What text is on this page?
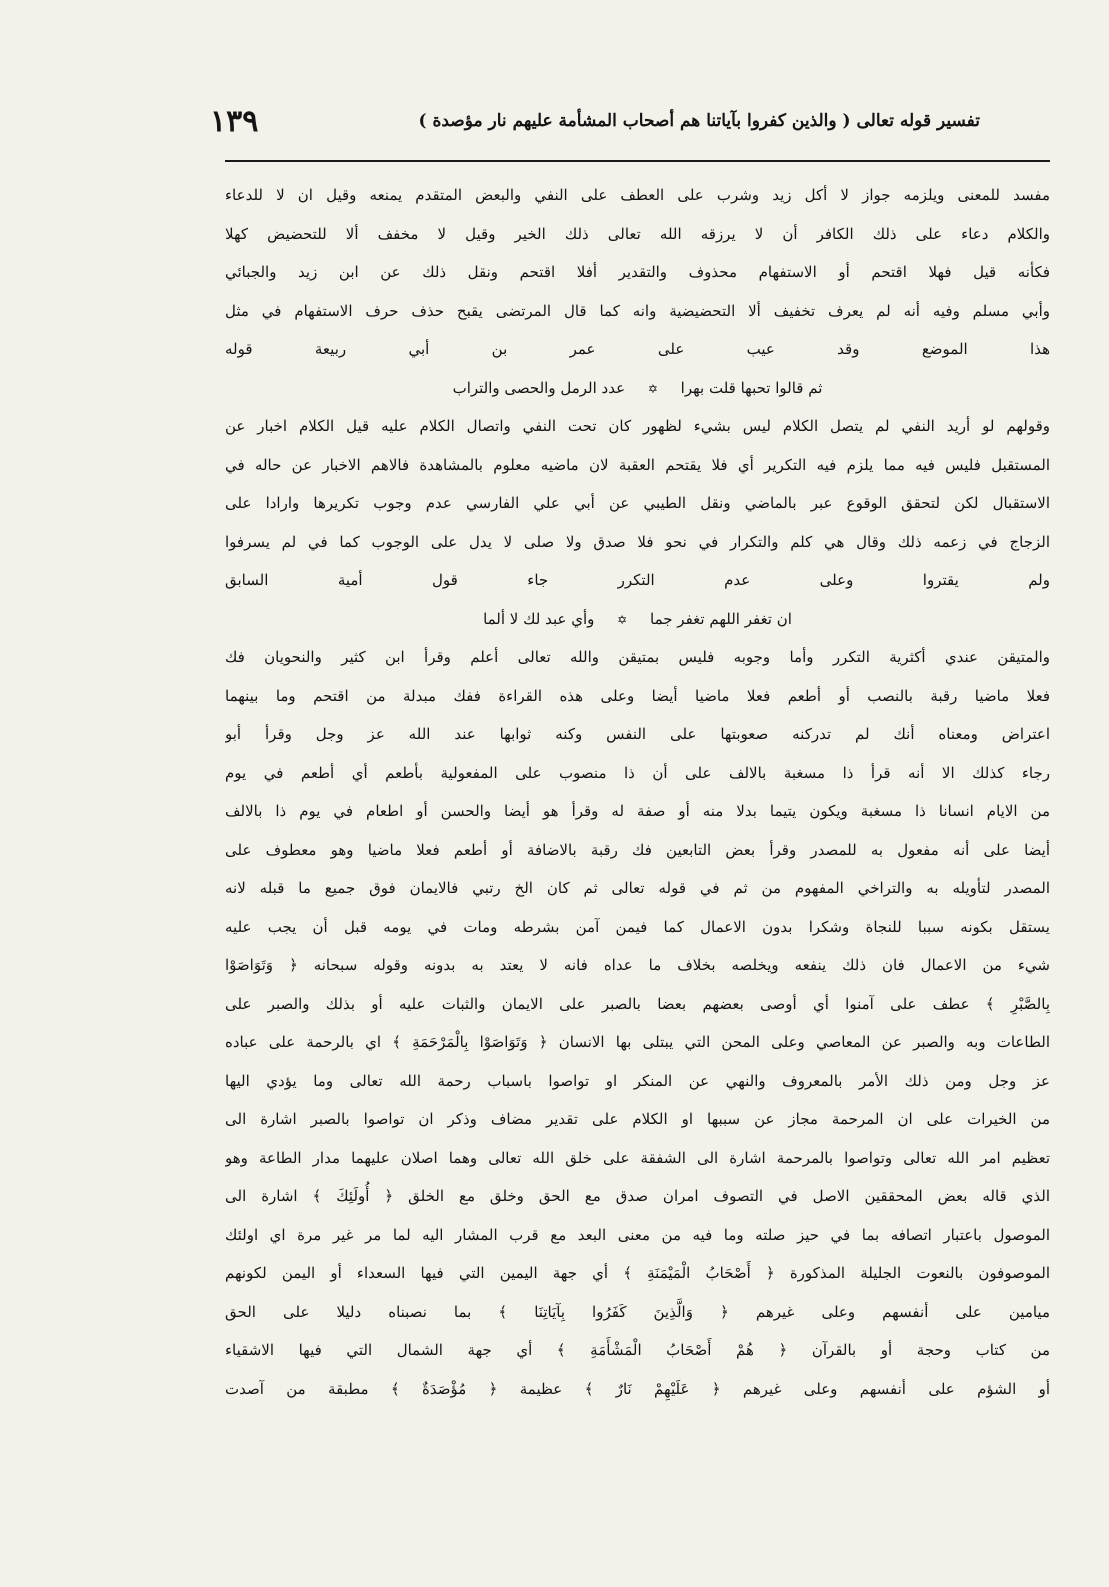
تفسير قوله تعالى ( والذين كفروا بآياتنا هم أصحاب المشأمة عليهم نار مؤصدة )
١٣٩
مفسد للمعنى ويلزمه جواز لا أكل زيد وشرب على العطف على النفي والبعض المتقدم يمنعه وقيل ان لا للدعاء
والكلام دعاء على ذلك الكافر أن لا يرزقه الله تعالى ذلك الخير وقيل لا مخفف ألا للتحضيض كهلا
فكأنه قيل فهلا اقتحم أو الاستفهام محذوف والتقدير أفلا اقتحم ونقل ذلك عن ابن زيد والجبائي
وأبي مسلم وفيه أنه لم يعرف تخفيف ألا التحضيضية وانه كما قال المرتضى يقبح حذف حرف الاستفهام في مثل
هذا الموضع وقد عيب على عمر بن أبي ربيعة قوله
ثم قالوا تحبها قلت بهرا ✡ عدد الرمل والحصى والتراب
وقولهم لو أريد النفي لم يتصل الكلام ليس بشيء لظهور كان تحت النفي واتصال الكلام عليه قيل الكلام اخبار عن
المستقبل فليس فيه مما يلزم فيه التكرير أي فلا يقتحم العقبة لان ماضيه معلوم بالمشاهدة فالاهم الاخبار عن حاله في
الاستقبال لكن لتحقق الوقوع عبر بالماضي ونقل الطيبي عن أبي علي الفارسي عدم وجوب تكريرها وارادا على
الزجاج في زعمه ذلك وقال هي كلم والتكرار في نحو فلا صدق ولا صلى لا يدل على الوجوب كما في لم يسرفوا
ولم يقتروا وعلى عدم التكرر جاء قول أمية السابق
ان تغفر اللهم تغفر جما ✡ وأي عبد لك لا ألما
والمتيقن عندي أكثرية التكرر وأما وجوبه فليس بمتيقن والله تعالى أعلم وقرأ ابن كثير والنحويان فك
فعلا ماضيا رقبة بالنصب أو أطعم فعلا ماضيا أيضا وعلى هذه القراءة ففك مبدلة من اقتحم وما بينهما
اعتراض ومعناه أنك لم تدركنه صعوبتها على النفس وكنه ثوابها عند الله عز وجل وقرأ أبو
رجاء كذلك الا أنه قرأ ذا مسغبة بالالف على أن ذا منصوب على المفعولية بأطعم أي أطعم في يوم
من الايام انسانا ذا مسغبة ويكون يتيما بدلا منه أو صفة له وقرأ هو أيضا والحسن أو اطعام في يوم ذا بالالف
أيضا على أنه مفعول به للمصدر وقرأ بعض التابعين فك رقبة بالاضافة أو أطعم فعلا ماضيا وهو معطوف على
المصدر لتأويله به والتراخي المفهوم من ثم في قوله تعالى ثم كان الخ رتبي فالايمان فوق جميع ما قبله لانه
يستقل بكونه سببا للنجاة وشكرا بدون الاعمال كما فيمن آمن بشرطه ومات في يومه قبل أن يجب عليه
شيء من الاعمال فان ذلك ينفعه ويخلصه بخلاف ما عداه فانه لا يعتد به بدونه وقوله سبحانه ﴿ وَتَوَاصَوْا
بِالصَّبْرِ ﴾ عطف على آمنوا أي أوصى بعضهم بعضا بالصبر على الايمان والثبات عليه أو بذلك والصبر على
الطاعات وبه والصبر عن المعاصي وعلى المحن التي يبتلى بها الانسان ﴿ وَتَوَاصَوْا بِالْمَرْحَمَةِ ﴾ اي بالرحمة على عباده
عز وجل ومن ذلك الأمر بالمعروف والنهي عن المنكر او تواصوا باسباب رحمة الله تعالى وما يؤدي اليها
من الخيرات على ان المرحمة مجاز عن سببها او الكلام على تقدير مضاف وذكر ان تواصوا بالصبر اشارة الى
تعظيم امر الله تعالى وتواصوا بالمرحمة اشارة الى الشفقة على خلق الله تعالى وهما اصلان عليهما مدار الطاعة وهو
الذي قاله بعض المحققين الاصل في التصوف امران صدق مع الحق وخلق مع الخلق ﴿ أُولَئِكَ ﴾ اشارة الى
الموصول باعتبار اتصافه بما في حيز صلته وما فيه من معنى البعد مع قرب المشار اليه لما مر غير مرة اي اولئك
الموصوفون بالنعوت الجليلة المذكورة ﴿ أَصْحَابُ الْمَيْمَنَةِ ﴾ أي جهة اليمين التي فيها السعداء أو اليمن لكونهم
ميامين على أنفسهم وعلى غيرهم ﴿ وَالَّذِينَ كَفَرُوا بِآيَاتِنَا ﴾ بما نصبناه دليلا على الحق
من كتاب وحجة أو بالقرآن ﴿ هُمْ أَصْحَابُ الْمَشْأَمَةِ ﴾ أي جهة الشمال التي فيها الاشقياء
أو الشؤم على أنفسهم وعلى غيرهم ﴿ عَلَيْهِمْ نَارٌ ﴾ عظيمة ﴿ مُؤْصَدَةٌ ﴾ مطبقة من آصدت
